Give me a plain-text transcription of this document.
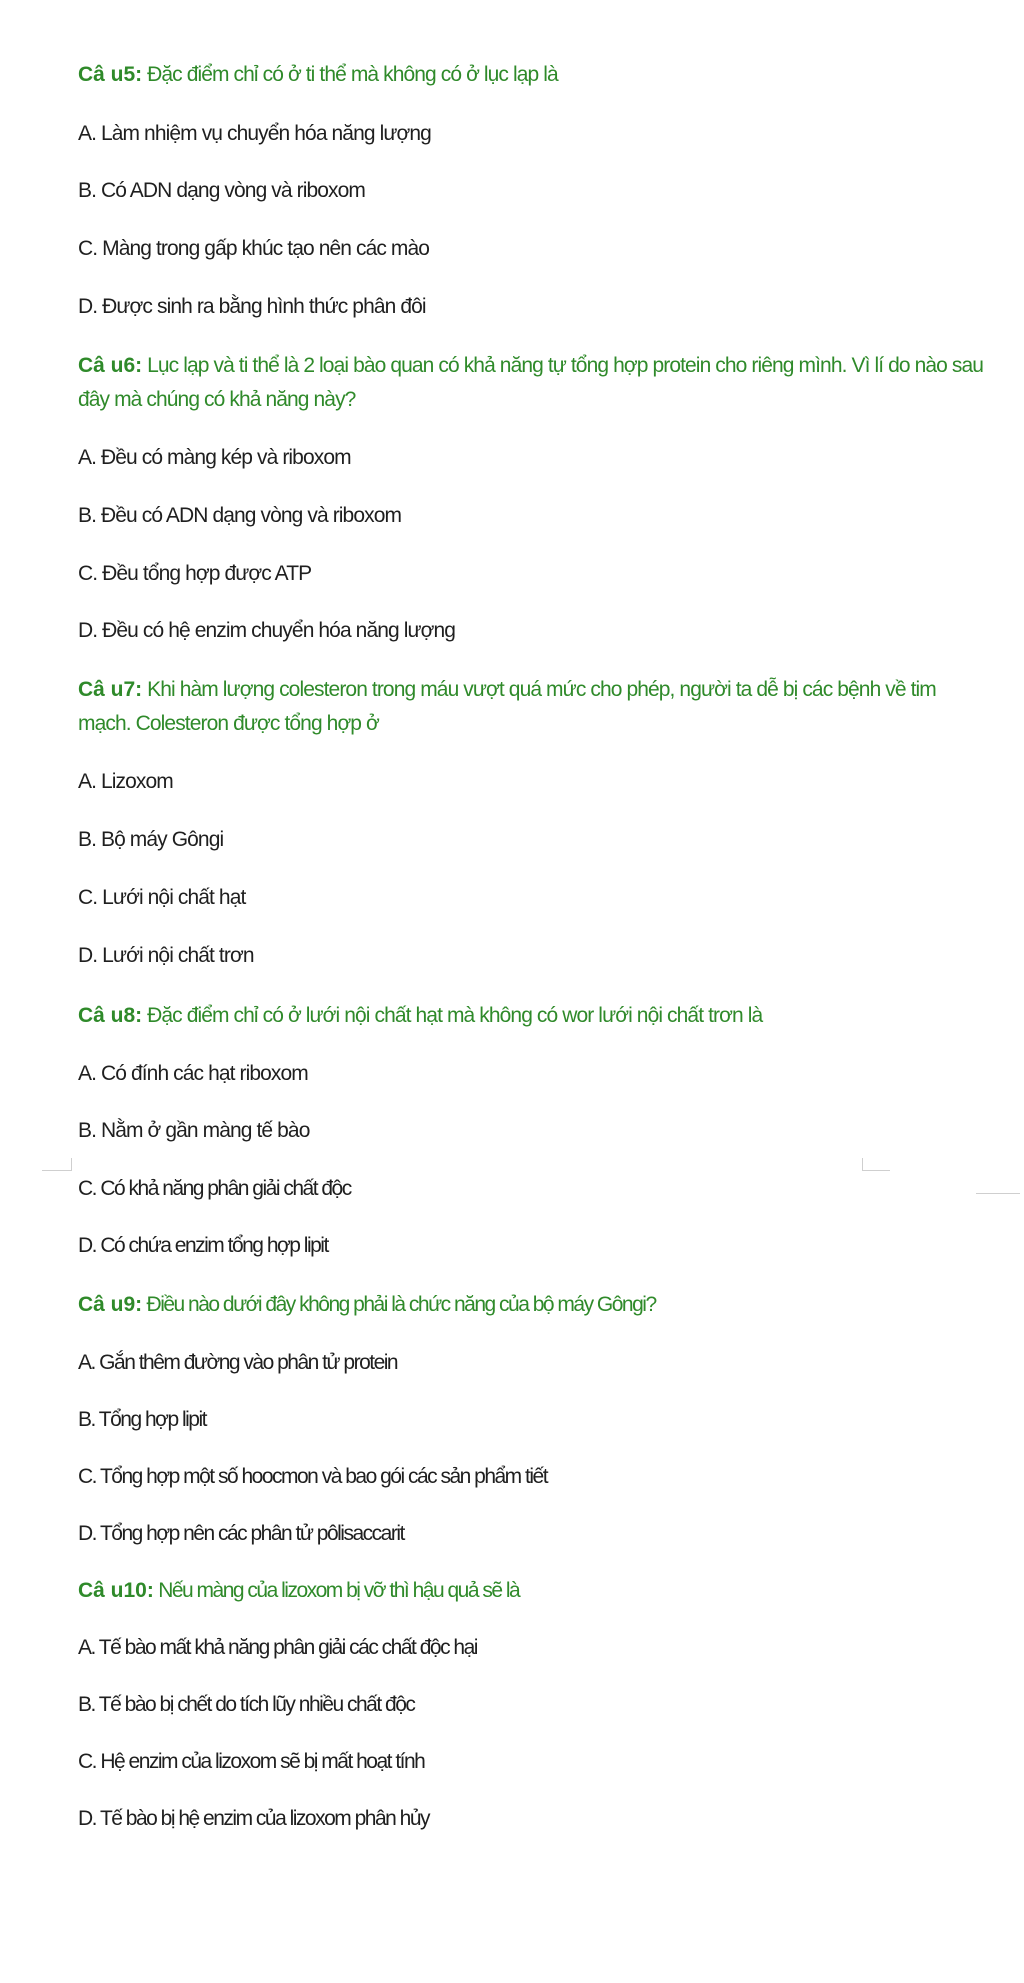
Câ u5: Đặc điểm chỉ có ở ti thể mà không có ở lục lạp là
A. Làm nhiệm vụ chuyển hóa năng lượng
B. Có ADN dạng vòng và riboxom
C. Màng trong gấp khúc tạo nên các mào
D. Được sinh ra bằng hình thức phân đôi
Câ u6: Lục lạp và ti thể là 2 loại bào quan có khả năng tự tổng hợp protein cho riêng mình. Vì lí do nào sau đây mà chúng có khả năng này?
A. Đều có màng kép và riboxom
B. Đều có ADN dạng vòng và riboxom
C. Đều tổng hợp được ATP
D. Đều có hệ enzim chuyển hóa năng lượng
Câ u7: Khi hàm lượng colesteron trong máu vượt quá mức cho phép, người ta dễ bị các bệnh về tim mạch. Colesteron được tổng hợp ở
A. Lizoxom
B. Bộ máy Gôngi
C. Lưới nội chất hạt
D. Lưới nội chất trơn
Câ u8: Đặc điểm chỉ có ở lưới nội chất hạt mà không có wor lưới nội chất trơn là
A. Có đính các hạt riboxom
B. Nằm ở gần màng tế bào
C. Có khả năng phân giải chất độc
D. Có chứa enzim tổng hợp lipit
Câ u9: Điều nào dưới đây không phải là chức năng của bộ máy Gôngi?
A. Gắn thêm đường vào phân tử protein
B. Tổng hợp lipit
C. Tổng hợp một số hoocmon và bao gói các sản phẩm tiết
D. Tổng hợp nên các phân tử pôlisaccarit
Câ u10: Nếu màng của lizoxom bị vỡ thì hậu quả sẽ là
A. Tế bào mất khả năng phân giải các chất độc hại
B. Tế bào bị chết do tích lũy nhiều chất độc
C. Hệ enzim của lizoxom sẽ bị mất hoạt tính
D. Tế bào bị hệ enzim của lizoxom phân hủy
